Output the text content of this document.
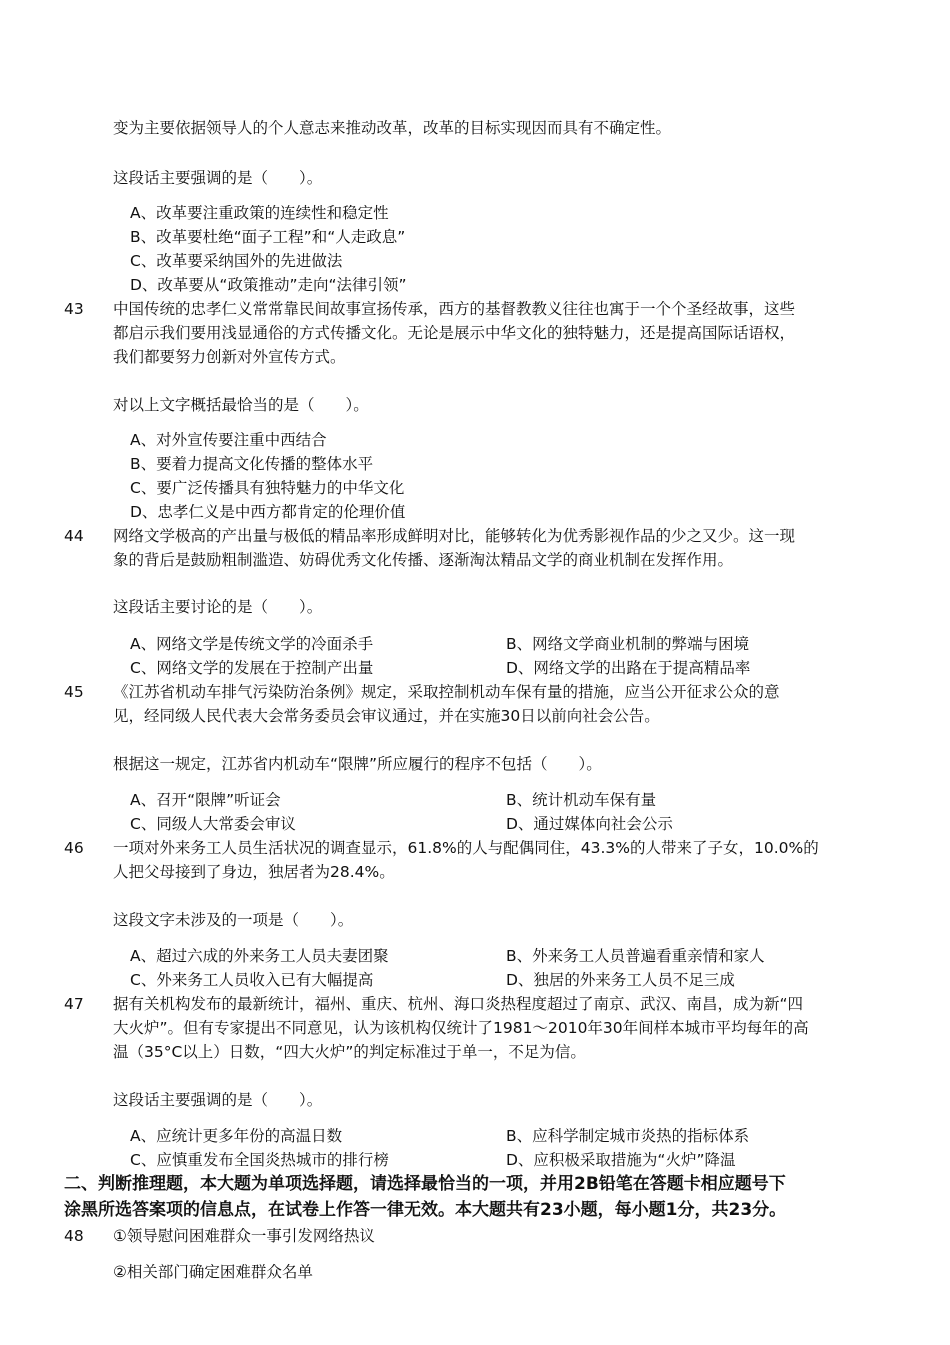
变为主要依据领导人的个人意志来推动改革，改革的目标实现因而具有不确定性。
这段话主要强调的是（　　）。
A、改革要注重政策的连续性和稳定性
B、改革要杜绝“面子工程”和“人走政息”
C、改革要采纳国外的先进做法
D、改革要从“政策推动”走向“法律引领”
43 中国传统的忠孝仁义常常靠民间故事宣扬传承，西方的基督教教义往往也寓于一个个圣经故事，这些
都启示我们要用浅显通俗的方式传播文化。无论是展示中华文化的独特魅力，还是提高国际话语权，
我们都要努力创新对外宣传方式。
对以上文字概括最恰当的是（　　）。
A、对外宣传要注重中西结合
B、要着力提高文化传播的整体水平
C、要广泛传播具有独特魅力的中华文化
D、忠孝仁义是中西方都肯定的伦理价值
44 网络文学极高的产出量与极低的精品率形成鲜明对比，能够转化为优秀影视作品的少之又少。这一现
象的背后是鼓励粗制滥造、妨碍优秀文化传播、逐渐淘汰精品文学的商业机制在发挥作用。
这段话主要讨论的是（　　）。
A、网络文学是传统文学的冷面杀手	B、网络文学商业机制的弊端与困境
C、网络文学的发展在于控制产出量	D、网络文学的出路在于提高精品率
45 《江苏省机动车排气污染防治条例》规定，采取控制机动车保有量的措施，应当公开征求公众的意
见，经同级人民代表大会常务委员会审议通过，并在实施30日以前向社会公告。
根据这一规定，江苏省内机动车“限牌”所应履行的程序不包括（　　）。
A、召开“限牌”听证会	B、统计机动车保有量
C、同级人大常委会审议	D、通过媒体向社会公示
46 一项对外来务工人员生活状况的调查显示，61.8%的人与配偶同住，43.3%的人带来了子女，10.0%的
人把父母接到了身边，独居者为28.4%。
这段文字未涉及的一项是（　　）。
A、超过六成的外来务工人员夫妻团聚	B、外来务工人员普遍看重亲情和家人
C、外来务工人员收入已有大幅提高	D、独居的外来务工人员不足三成
47 据有关机构发布的最新统计，福州、重庆、杭州、海口炎热程度超过了南京、武汉、南昌，成为新“四
大火炉”。但有专家提出不同意见，认为该机构仅统计了1981～2010年30年间样本城市平均每年的高
温（35°C以上）日数，“四大火炉”的判定标准过于单一，不足为信。
这段话主要强调的是（　　）。
A、应统计更多年份的高温日数	B、应科学制定城市炎热的指标体系
C、应慎重发布全国炎热城市的排行榜	D、应积极采取措施为“火炉”降温
二、判断推理题，本大题为单项选择题，请选择最恰当的一项，并用2B铅笔在答题卡相应题号下
涂黑所选答案项的信息点，在试卷上作答一律无效。本大题共有23小题，每小题1分，共23分。
48 ①领导慰问困难群众一事引发网络热议
②相关部门确定困难群众名单
